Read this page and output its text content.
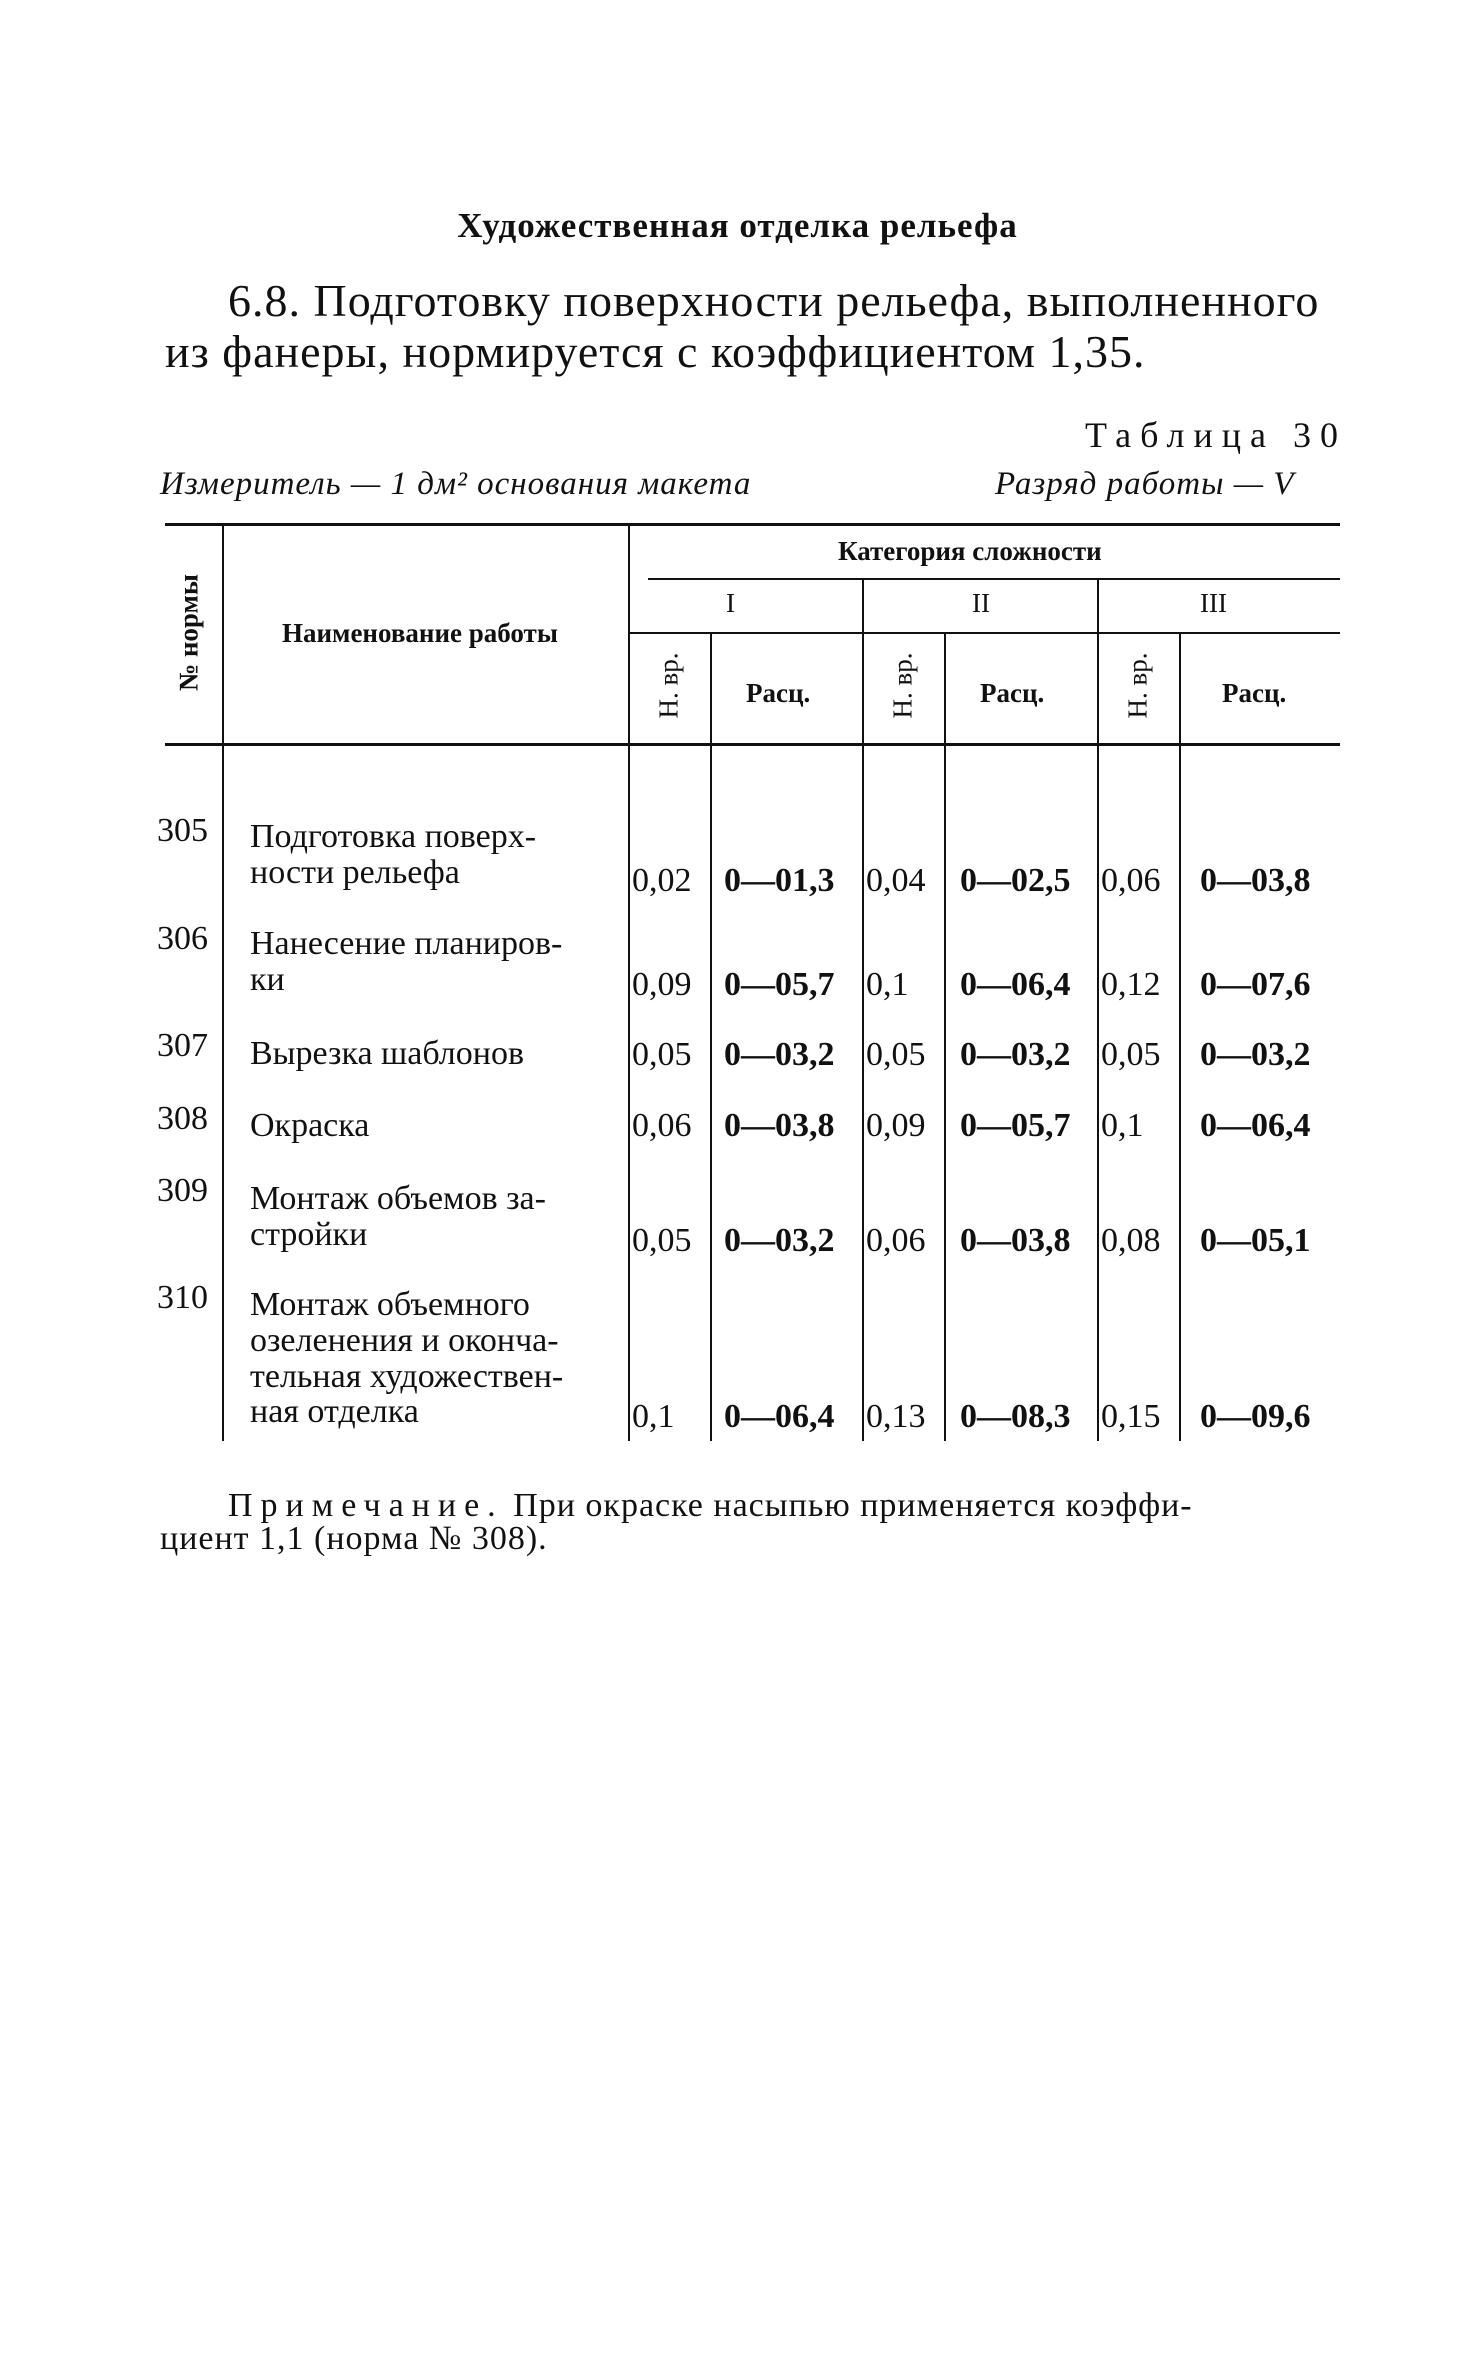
Художественная отделка рельефа
6.8. Подготовку поверхности рельефа, выполненного
из фанеры, нормируется с коэффициентом 1,35.
Таблица 30
Измеритель — 1 дм² основания макета	Разряд работы — V
№ нормы	Наименование работы
Категория сложности
I	II	III
Н. вр. Расц.	Н. вр. Расц.	Н. вр.	Расц.
305 Подготовка поверх-
ности рельефа	0,02 0—01,3 0,04 0—02,5 0,06 0—03,8
306 Нанесение планиров-
ки	0,09 0—05,7 0,1 0—06,4 0,12 0—07,6
307 Вырезка шаблонов	0,05 0—03,2 0,05 0—03,2 0,05 0—03,2
308 Окраска	0,06 0—03,8 0,09 0—05,7 0,1 0—06,4
309 Монтаж объемов за-
стройки	0,05 0—03,2 0,06 0—03,8 0,08 0—05,1
310 Монтаж объемного
озеленения и оконча-
тельная художествен-
ная отделка	0,1 0—06,4 0,13 0—08,3 0,15 0—09,6
Примечание. При окраске насыпью применяется коэффи-
циент 1,1 (норма № 308).
